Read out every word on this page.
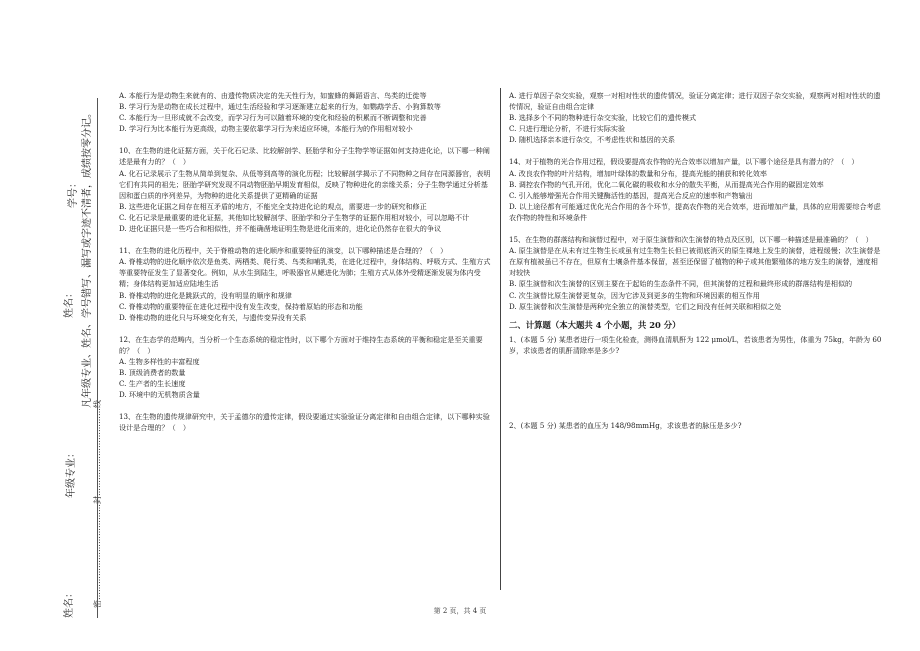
学号： 凡年级专业、姓名、学号错写、漏写或字迹不清者，成绩按零分记。
姓名：
年级专业： 密………………………………封……………………………线
姓名：

A. 本能行为是动物生来就有的、由遗传物质决定的先天性行为，如蜜蜂的舞蹈语言、鸟类的迁徙等

B. 学习行为是动物在成长过程中，通过生活经验和学习逐渐建立起来的行为，如鹦鹉学舌、小狗算数等

C. 本能行为一旦形成就不会改变，而学习行为可以随着环境的变化和经验的积累而不断调整和完善

D. 学习行为比本能行为更高级，动物主要依靠学习行为来适应环境，本能行为的作用相对较小

10、在生物的进化证据方面，关于化石记录、比较解剖学、胚胎学和分子生物学等证据如何支持进化论，以下哪一种阐述是最有力的？（　）

A. 化石记录展示了生物从简单到复杂、从低等到高等的演化历程；比较解剖学揭示了不同物种之间存在同源器官，表明它们有共同的祖先；胚胎学研究发现不同动物胚胎早期发育相似，反映了物种进化的亲缘关系；分子生物学通过分析基因和蛋白质的序列差异，为物种的进化关系提供了更精确的证据

B. 这些进化证据之间存在相互矛盾的地方，不能完全支持进化论的观点，需要进一步的研究和修正

C. 化石记录是最重要的进化证据，其他如比较解剖学、胚胎学和分子生物学的证据作用相对较小，可以忽略不计

D. 进化证据只是一些巧合和相似性，并不能确凿地证明生物是进化而来的，进化论仍然存在很大的争议

11、在生物的进化历程中，关于脊椎动物的进化顺序和重要特征的演变，以下哪种描述是合理的？（　）

A. 脊椎动物的进化顺序依次是鱼类、两栖类、爬行类、鸟类和哺乳类，在进化过程中，身体结构、呼吸方式、生殖方式等重要特征发生了显著变化。例如，从水生到陆生，呼吸器官从鳃进化为肺；生殖方式从体外受精逐渐发展为体内受精；身体结构更加适应陆地生活

B. 脊椎动物的进化是跳跃式的，没有明显的顺序和规律

C. 脊椎动物的重要特征在进化过程中没有发生改变，保持着原始的形态和功能

D. 脊椎动物的进化只与环境变化有关，与遗传变异没有关系

12、在生态学的范畴内，当分析一个生态系统的稳定性时，以下哪个方面对于维持生态系统的平衡和稳定是至关重要的？（　）

A. 生物多样性的丰富程度

B. 顶级消费者的数量

C. 生产者的生长速度

D. 环境中的无机物质含量

13、在生物的遗传规律研究中，关于孟德尔的遗传定律，假设要通过实验验证分离定律和自由组合定律，以下哪种实验设计是合理的？（　）

A. 进行单因子杂交实验，观察一对相对性状的遗传情况，验证分离定律；进行双因子杂交实验，观察两对相对性状的遗传情况，验证自由组合定律

B. 选择多个不同的物种进行杂交实验，比较它们的遗传模式

C. 只进行理论分析，不进行实际实验

D. 随机选择亲本进行杂交，不考虑性状和基因的关系

14、对于植物的光合作用过程，假设要提高农作物的光合效率以增加产量，以下哪个途径是具有潜力的？（　）

A. 改良农作物的叶片结构，增加叶绿体的数量和分布，提高光能的捕获和转化效率

B. 调控农作物的气孔开闭，优化二氧化碳的吸收和水分的散失平衡，从而提高光合作用的碳固定效率

C. 引入能够增强光合作用关键酶活性的基因，提高光合反应的速率和产物输出

D. 以上途径都有可能通过优化光合作用的各个环节，提高农作物的光合效率，进而增加产量，具体的应用需要综合考虑农作物的特性和环境条件

15、在生物的群落结构和演替过程中，对于原生演替和次生演替的特点及区别，以下哪一种描述是最准确的？（　）

A. 原生演替是在从未有过生物生长或虽有过生物生长但已被彻底消灭的原生裸地上发生的演替，进程缓慢；次生演替是在原有植被虽已不存在，但原有土壤条件基本保留，甚至还保留了植物的种子或其他繁殖体的地方发生的演替，速度相对较快

B. 原生演替和次生演替的区别主要在于起始的生态条件不同，但其演替的过程和最终形成的群落结构是相似的

C. 次生演替比原生演替更复杂，因为它涉及到更多的生物和环境因素的相互作用

D. 原生演替和次生演替是两种完全独立的演替类型，它们之间没有任何关联和相似之处

二、计算题（本大题共 4 个小题，共 20 分）

1、(本题 5 分) 某患者进行一项生化检查，测得血清肌酐为 122 μmol/L，若该患者为男性，体重为 75kg，年龄为 60 岁，求该患者的肌酐清除率是多少?

2、(本题 5 分) 某患者的血压为 148/98mmHg，求该患者的脉压是多少?

第 2 页，共 4 页
